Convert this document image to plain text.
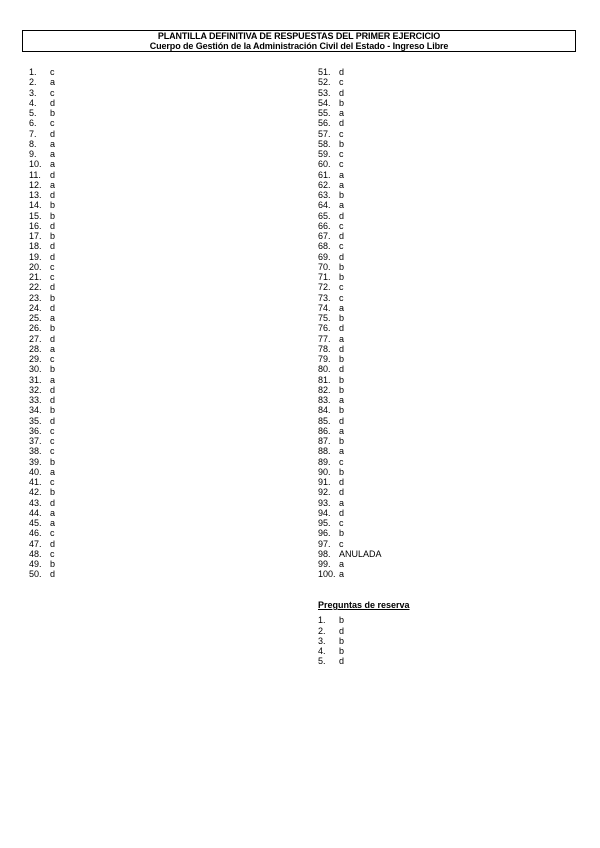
PLANTILLA DEFINITIVA DE RESPUESTAS DEL PRIMER EJERCICIO
Cuerpo de Gestión de la Administración Civil del Estado - Ingreso Libre
1.	c
2.	a
3.	c
4.	d
5.	b
6.	c
7.	d
8.	a
9.	a
10. a
11.	d
12. a
13. d
14. b
15. b
16. d
17. b
18. d
19. d
20. c
21. c
22. d
23. b
24. d
25. a
26. b
27. d
28. a
29. c
30. b
31. a
32. d
33. d
34. b
35. d
36. c
37. c
38. c
39. b
40. a
41. c
42. b
43. d
44. a
45. a
46. c
47. d
48. c
49. b
50. d
51. d
52. c
53. d
54. b
55. a
56. d
57. c
58. b
59. c
60. c
61. a
62. a
63. b
64. a
65. d
66. c
67. d
68. c
69. d
70. b
71. b
72. c
73. c
74. a
75. b
76. d
77. a
78. d
79. b
80. d
81. b
82. b
83. a
84. b
85. d
86. a
87. b
88. a
89. c
90. b
91. d
92. d
93. a
94. d
95. c
96. b
97. c
98. ANULADA
99. a
100. a
Preguntas de reserva
1.	b
2.	d
3.	b
4.	b
5.	d
